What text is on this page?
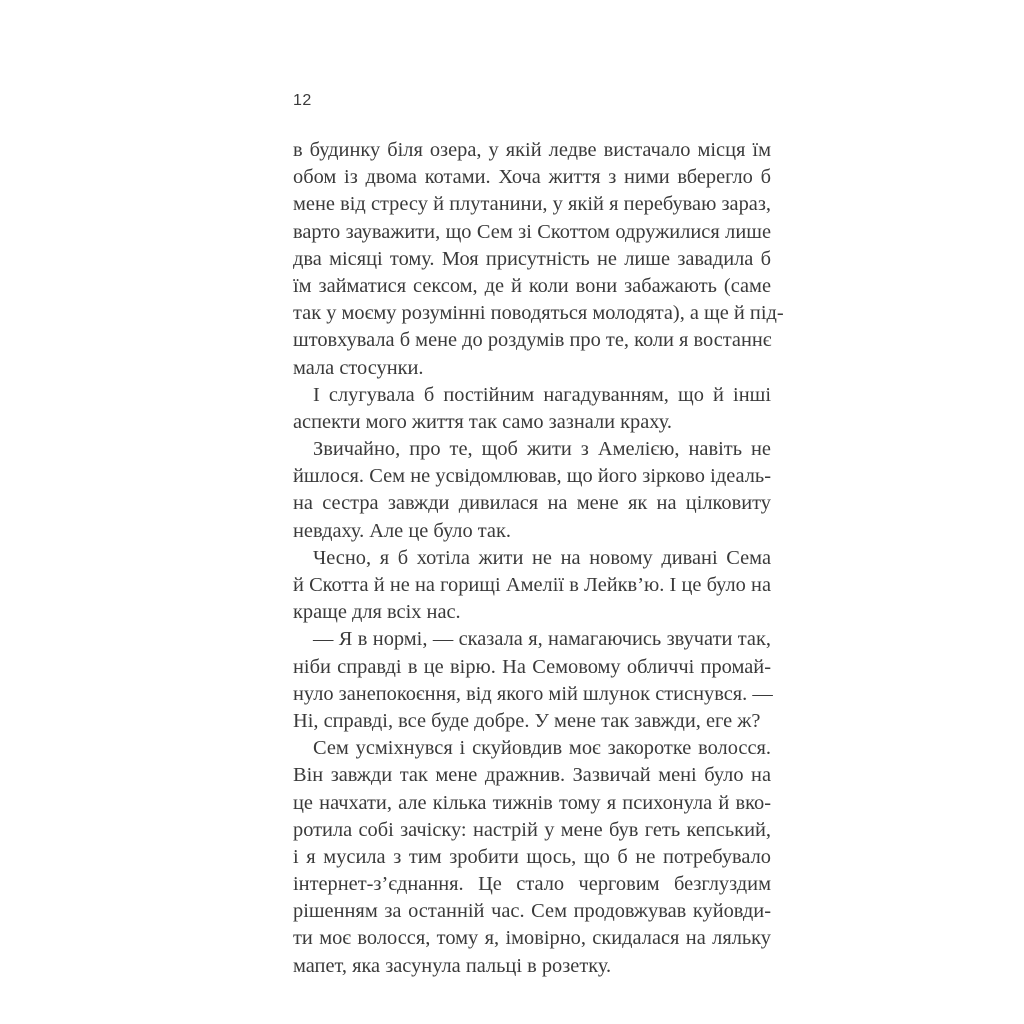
12
в будинку біля озера, у якій ледве вистачало місця їм
обом із двома котами. Хоча життя з ними вберегло б
мене від стресу й плутанини, у якій я перебуваю зараз,
варто зауважити, що Сем зі Скоттом одружилися лише
два місяці тому. Моя присутність не лише завадила б
їм займатися сексом, де й коли вони забажають (саме
так у моєму розумінні поводяться молодята), а ще й під-
штовхувала б мене до роздумів про те, коли я востаннє
мала стосунки.
І слугувала б постійним нагадуванням, що й інші
аспекти мого життя так само зазнали краху.
Звичайно, про те, щоб жити з Амелією, навіть не
йшлося. Сем не усвідомлював, що його зірково ідеаль-
на сестра завжди дивилася на мене як на цілковиту
невдаху. Але це було так.
Чесно, я б хотіла жити не на новому дивані Сема
й Скотта й не на горищі Амелії в Лейкв’ю. І це було на
краще для всіх нас.
— Я в нормі, — сказала я, намагаючись звучати так,
ніби справді в це вірю. На Семовому обличчі промай-
нуло занепокоєння, від якого мій шлунок стиснувся. —
Ні, справді, все буде добре. У мене так завжди, еге ж?
Сем усміхнувся і скуйовдив моє закоротке волосся.
Він завжди так мене дражнив. Зазвичай мені було на
це начхати, але кілька тижнів тому я психонула й вко-
ротила собі зачіску: настрій у мене був геть кепський,
і я мусила з тим зробити щось, що б не потребувало
інтернет-з’єднання. Це стало черговим безглуздим
рішенням за останній час. Сем продовжував куйовди-
ти моє волосся, тому я, імовірно, скидалася на ляльку
мапет, яка засунула пальці в розетку.
